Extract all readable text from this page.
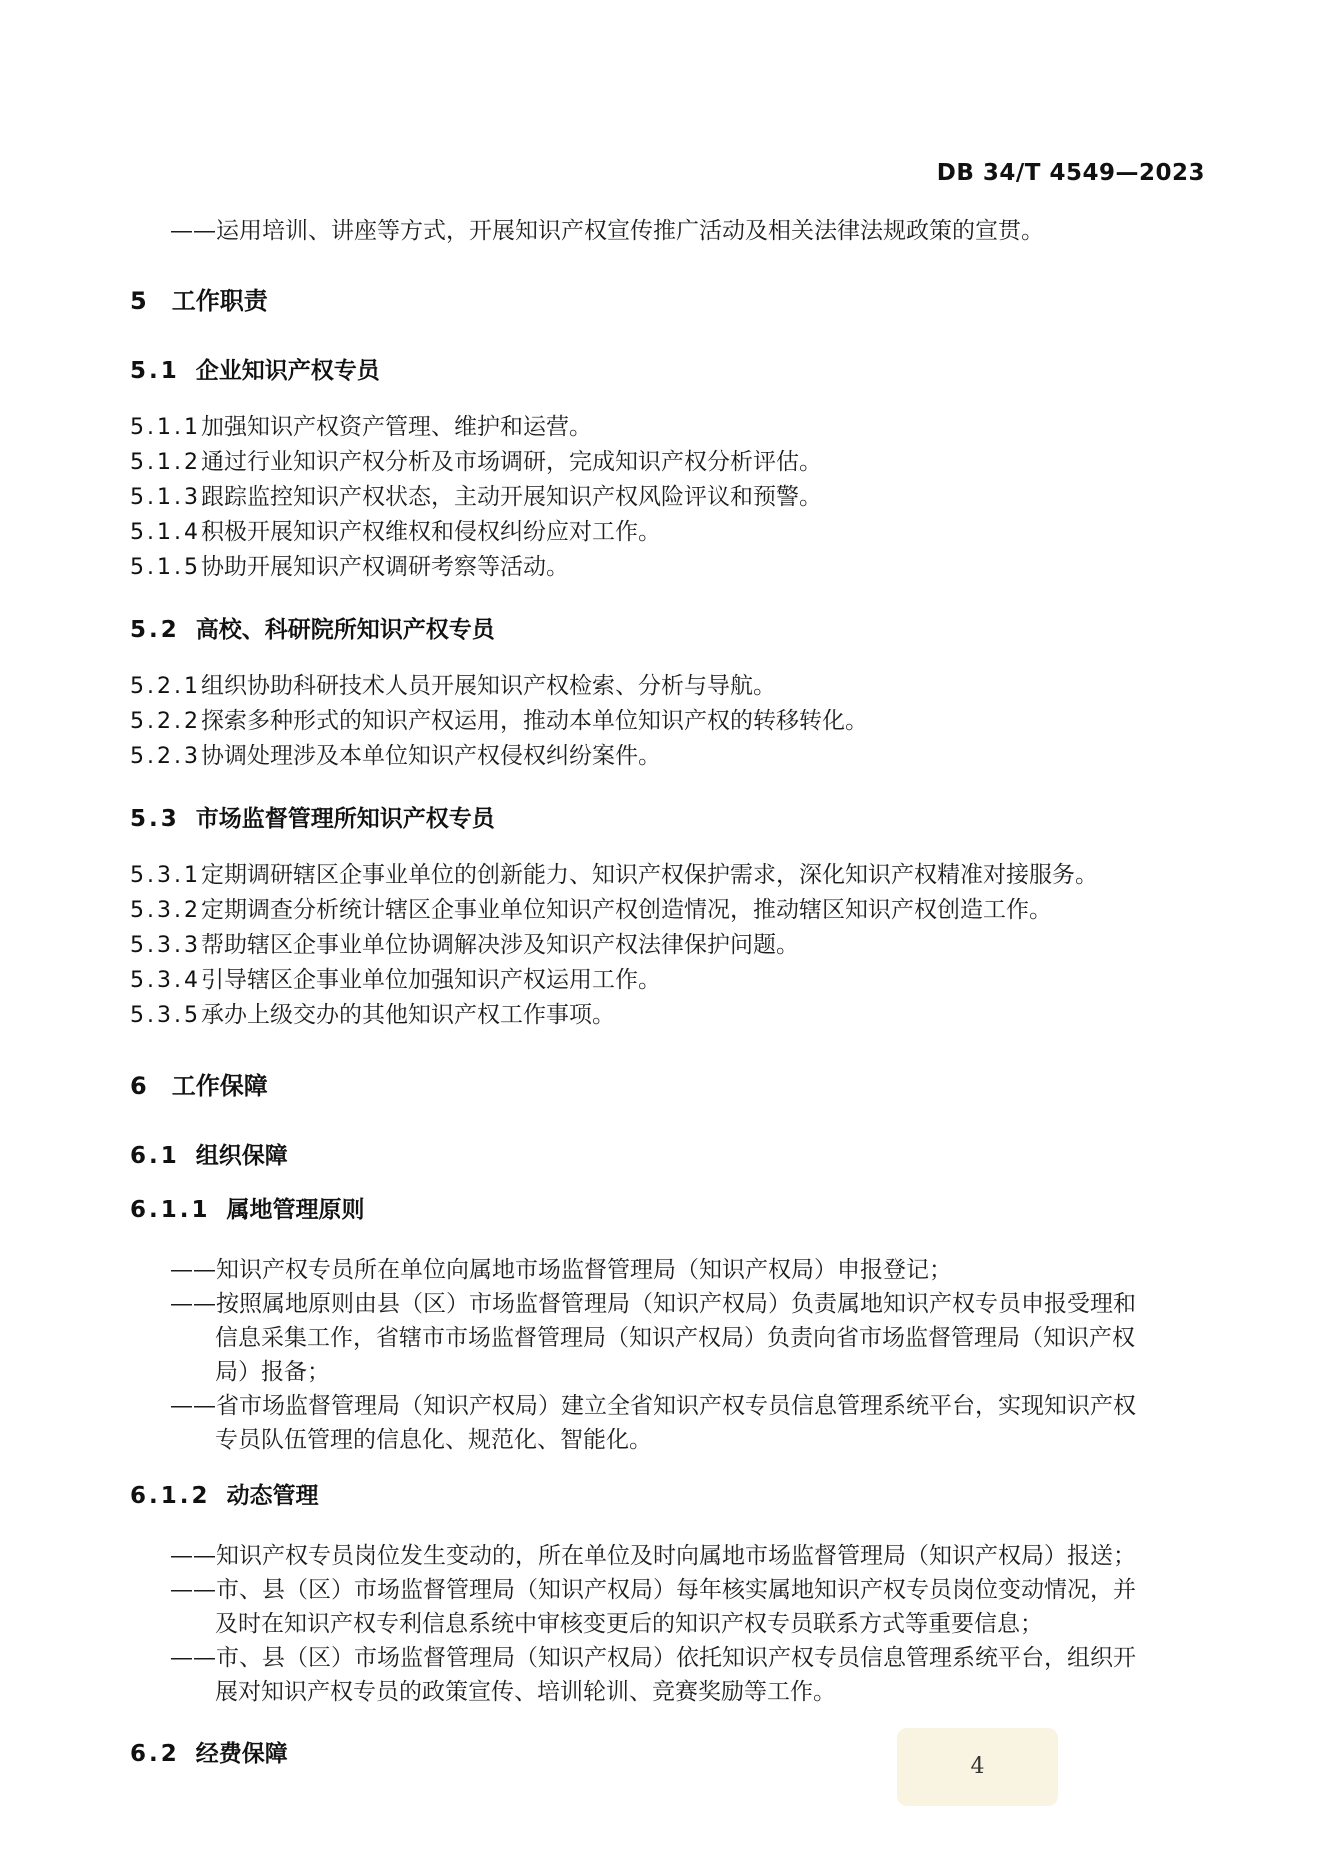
DB 34/T 4549—2023
——运用培训、讲座等方式，开展知识产权宣传推广活动及相关法律法规政策的宣贯。
5 工作职责
5.1 企业知识产权专员
5.1.1 加强知识产权资产管理、维护和运营。
5.1.2 通过行业知识产权分析及市场调研，完成知识产权分析评估。
5.1.3 跟踪监控知识产权状态，主动开展知识产权风险评议和预警。
5.1.4 积极开展知识产权维权和侵权纠纷应对工作。
5.1.5 协助开展知识产权调研考察等活动。
5.2 高校、科研院所知识产权专员
5.2.1 组织协助科研技术人员开展知识产权检索、分析与导航。
5.2.2 探索多种形式的知识产权运用，推动本单位知识产权的转移转化。
5.2.3 协调处理涉及本单位知识产权侵权纠纷案件。
5.3 市场监督管理所知识产权专员
5.3.1 定期调研辖区企事业单位的创新能力、知识产权保护需求，深化知识产权精准对接服务。
5.3.2 定期调查分析统计辖区企事业单位知识产权创造情况，推动辖区知识产权创造工作。
5.3.3 帮助辖区企事业单位协调解决涉及知识产权法律保护问题。
5.3.4 引导辖区企事业单位加强知识产权运用工作。
5.3.5 承办上级交办的其他知识产权工作事项。
6 工作保障
6.1 组织保障
6.1.1 属地管理原则
——知识产权专员所在单位向属地市场监督管理局（知识产权局）申报登记；
——按照属地原则由县（区）市场监督管理局（知识产权局）负责属地知识产权专员申报受理和
信息采集工作，省辖市市场监督管理局（知识产权局）负责向省市场监督管理局（知识产权
局）报备；
——省市场监督管理局（知识产权局）建立全省知识产权专员信息管理系统平台，实现知识产权
专员队伍管理的信息化、规范化、智能化。
6.1.2 动态管理
——知识产权专员岗位发生变动的，所在单位及时向属地市场监督管理局（知识产权局）报送；
——市、县（区）市场监督管理局（知识产权局）每年核实属地知识产权专员岗位变动情况，并
及时在知识产权专利信息系统中审核变更后的知识产权专员联系方式等重要信息；
——市、县（区）市场监督管理局（知识产权局）依托知识产权专员信息管理系统平台，组织开
展对知识产权专员的政策宣传、培训轮训、竞赛奖励等工作。
6.2 经费保障	4
